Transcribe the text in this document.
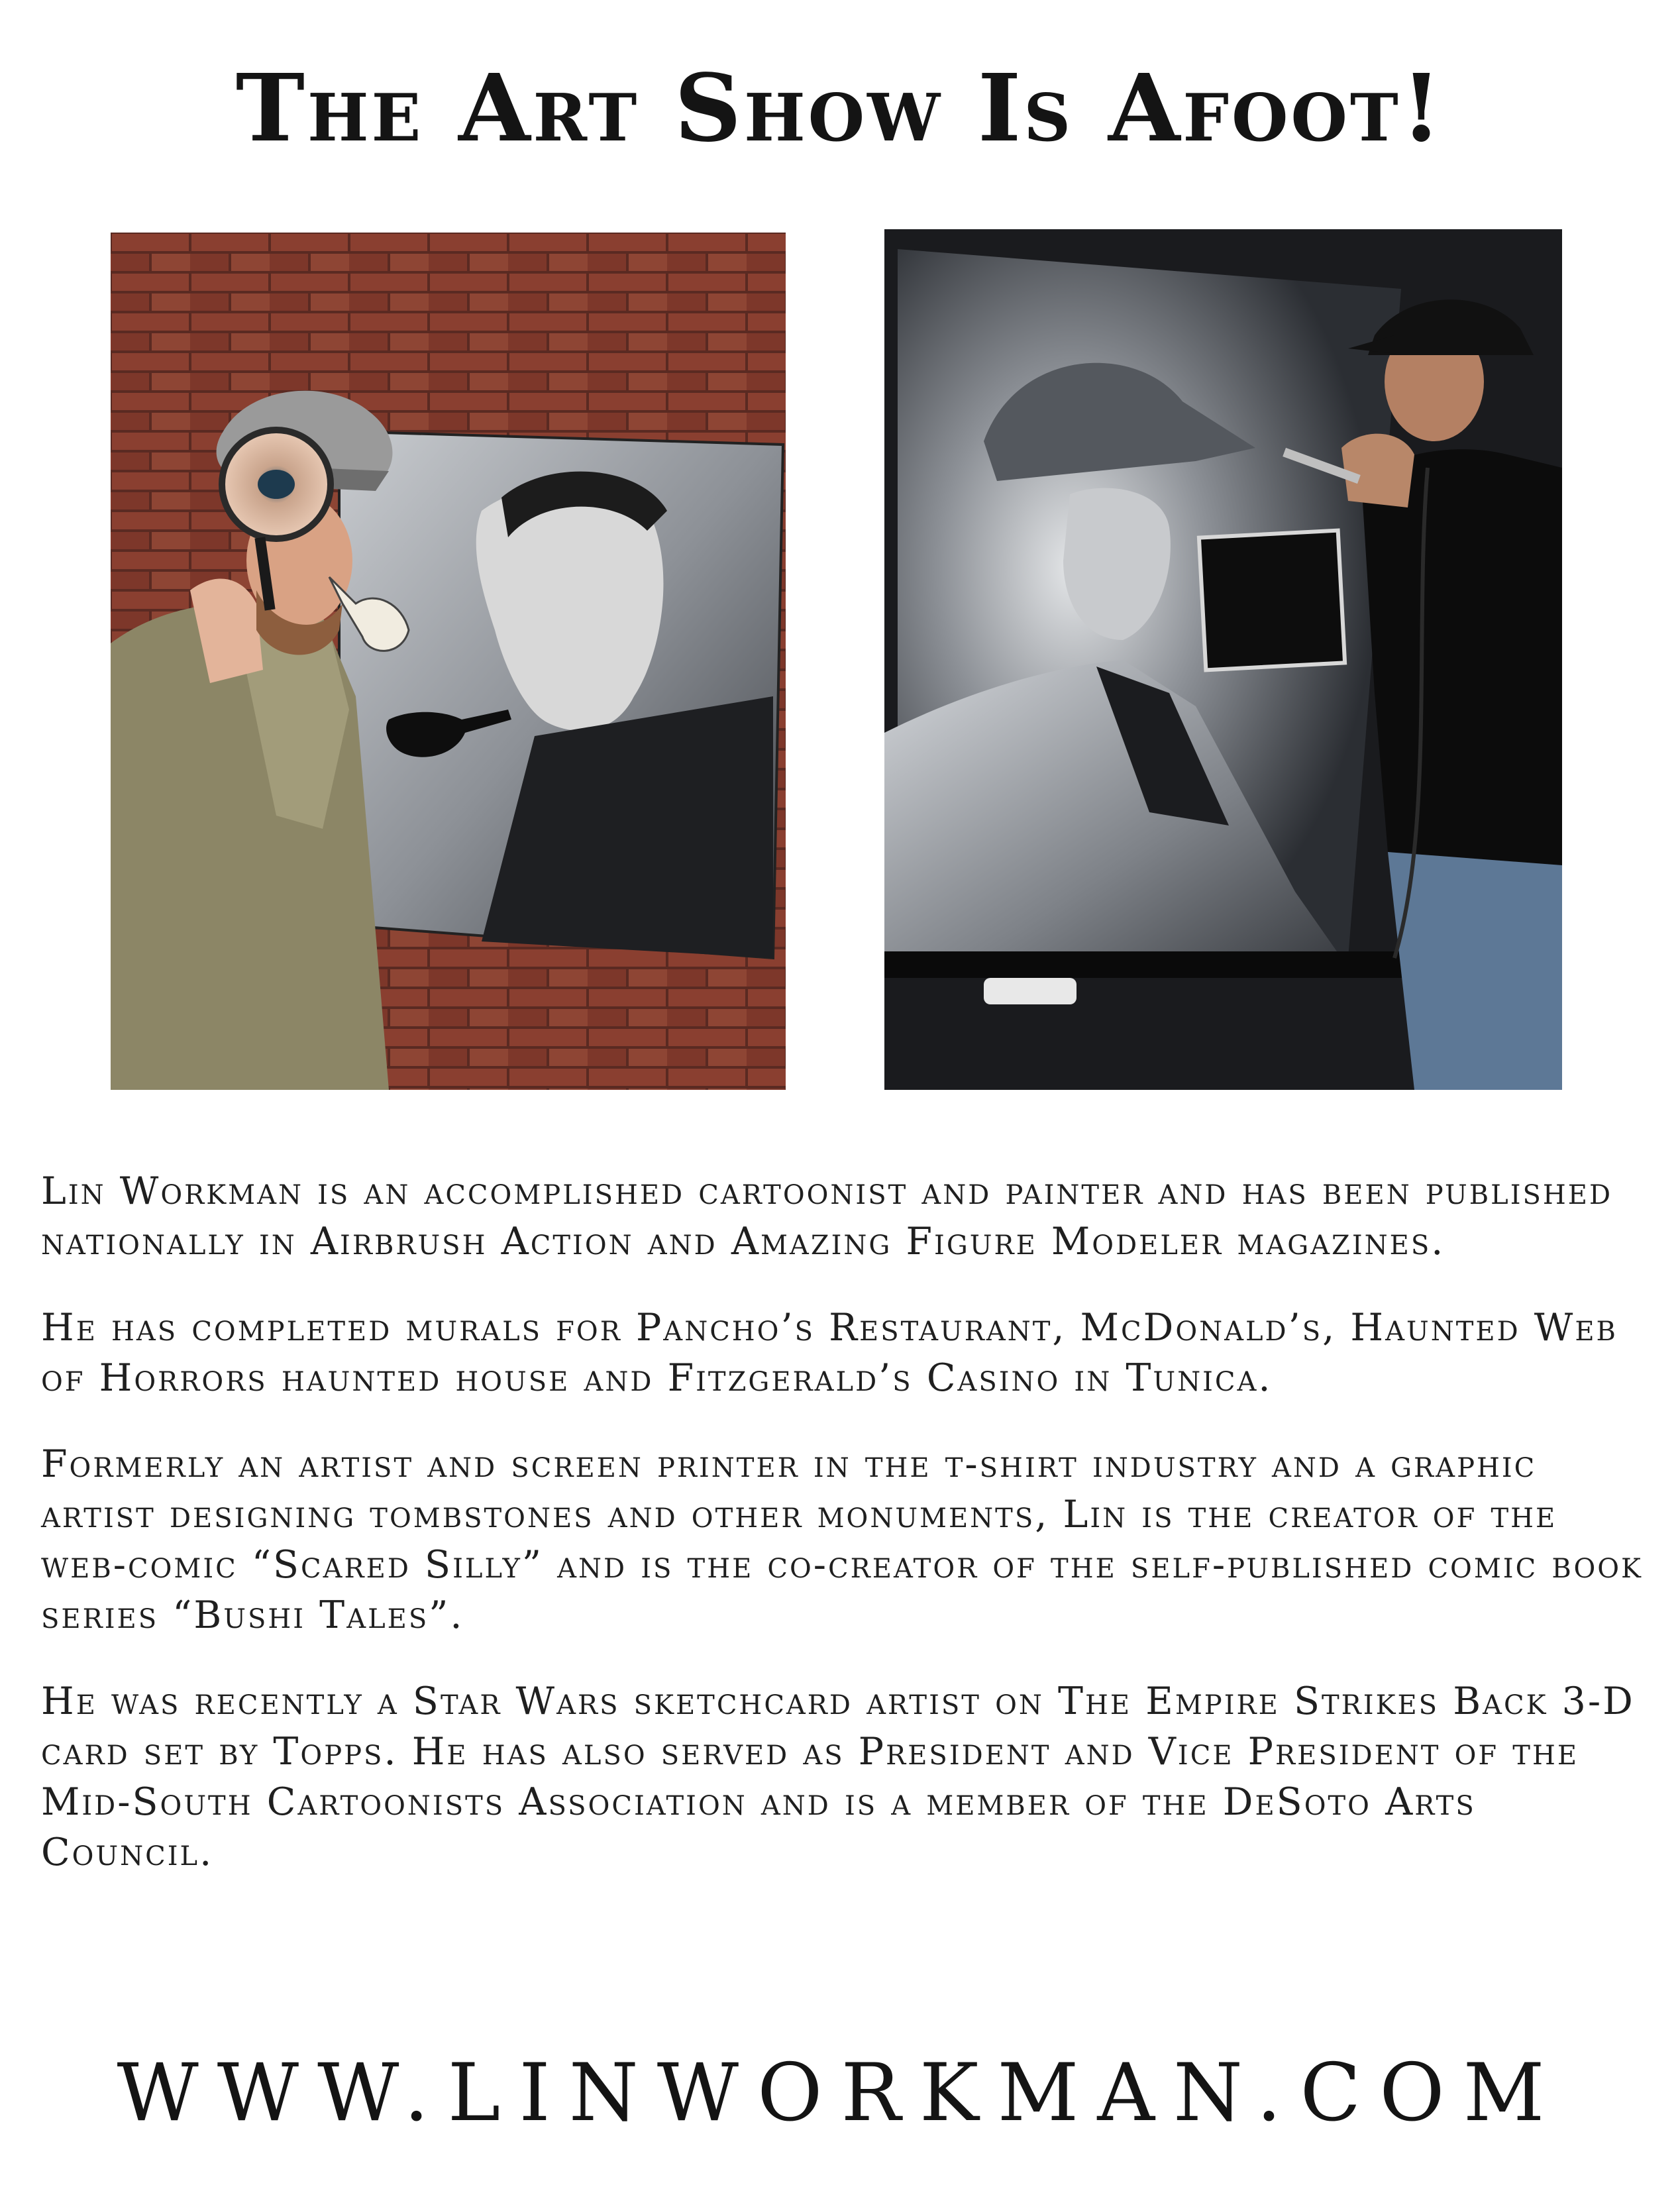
The Art Show Is Afoot!

Lin Workman is an accomplished cartoonist and painter and has been published nationally in Airbrush Action and Amazing Figure Modeler magazines.

He has completed murals for Pancho’s Restaurant, McDonald’s, Haunted Web of Horrors haunted house and Fitzgerald’s Casino in Tunica.

Formerly an artist and screen printer in the t-shirt industry and a graphic artist designing tombstones and other monuments, Lin is the creator of the web-comic “Scared Silly” and is the co-creator of the self-published comic book series “Bushi Tales”.

He was recently a Star Wars sketchcard artist on The Empire Strikes Back 3-D card set by Topps. He has also served as President and Vice President of the Mid-South Cartoonists Association and is a member of the DeSoto Arts Council.

WWW.LINWORKMAN.COM
